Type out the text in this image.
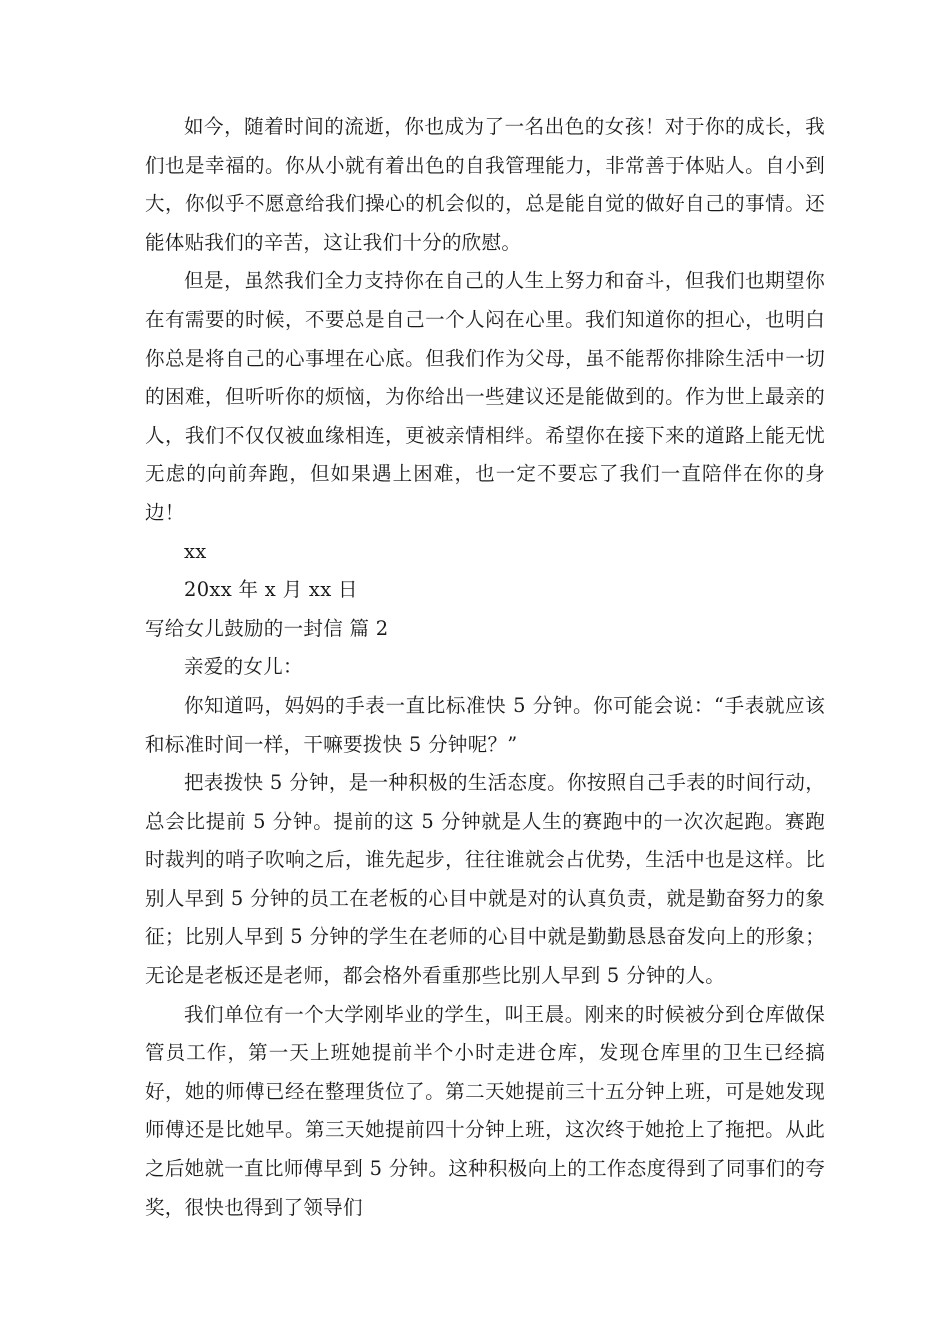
如今，随着时间的流逝，你也成为了一名出色的女孩！对于你的成长，我们也是幸福的。你从小就有着出色的自我管理能力，非常善于体贴人。自小到大，你似乎不愿意给我们操心的机会似的，总是能自觉的做好自己的事情。还能体贴我们的辛苦，这让我们十分的欣慰。

但是，虽然我们全力支持你在自己的人生上努力和奋斗，但我们也期望你在有需要的时候，不要总是自己一个人闷在心里。我们知道你的担心，也明白你总是将自己的心事埋在心底。但我们作为父母，虽不能帮你排除生活中一切的困难，但听听你的烦恼，为你给出一些建议还是能做到的。作为世上最亲的人，我们不仅仅被血缘相连，更被亲情相绊。希望你在接下来的道路上能无忧无虑的向前奔跑，但如果遇上困难，也一定不要忘了我们一直陪伴在你的身边！

xx

20xx 年 x 月 xx 日

写给女儿鼓励的一封信 篇 2

亲爱的女儿：

你知道吗，妈妈的手表一直比标准快 5 分钟。你可能会说：“手表就应该和标准时间一样，干嘛要拨快 5 分钟呢？”

把表拨快 5 分钟，是一种积极的生活态度。你按照自己手表的时间行动，总会比提前 5 分钟。提前的这 5 分钟就是人生的赛跑中的一次次起跑。赛跑时裁判的哨子吹响之后，谁先起步，往往谁就会占优势，生活中也是这样。比别人早到 5 分钟的员工在老板的心目中就是对的认真负责，就是勤奋努力的象征；比别人早到 5 分钟的学生在老师的心目中就是勤勤恳恳奋发向上的形象；无论是老板还是老师，都会格外看重那些比别人早到 5 分钟的人。

我们单位有一个大学刚毕业的学生，叫王晨。刚来的时候被分到仓库做保管员工作，第一天上班她提前半个小时走进仓库，发现仓库里的卫生已经搞好，她的师傅已经在整理货位了。第二天她提前三十五分钟上班，可是她发现师傅还是比她早。第三天她提前四十分钟上班，这次终于她抢上了拖把。从此之后她就一直比师傅早到 5 分钟。这种积极向上的工作态度得到了同事们的夸奖，很快也得到了领导们
